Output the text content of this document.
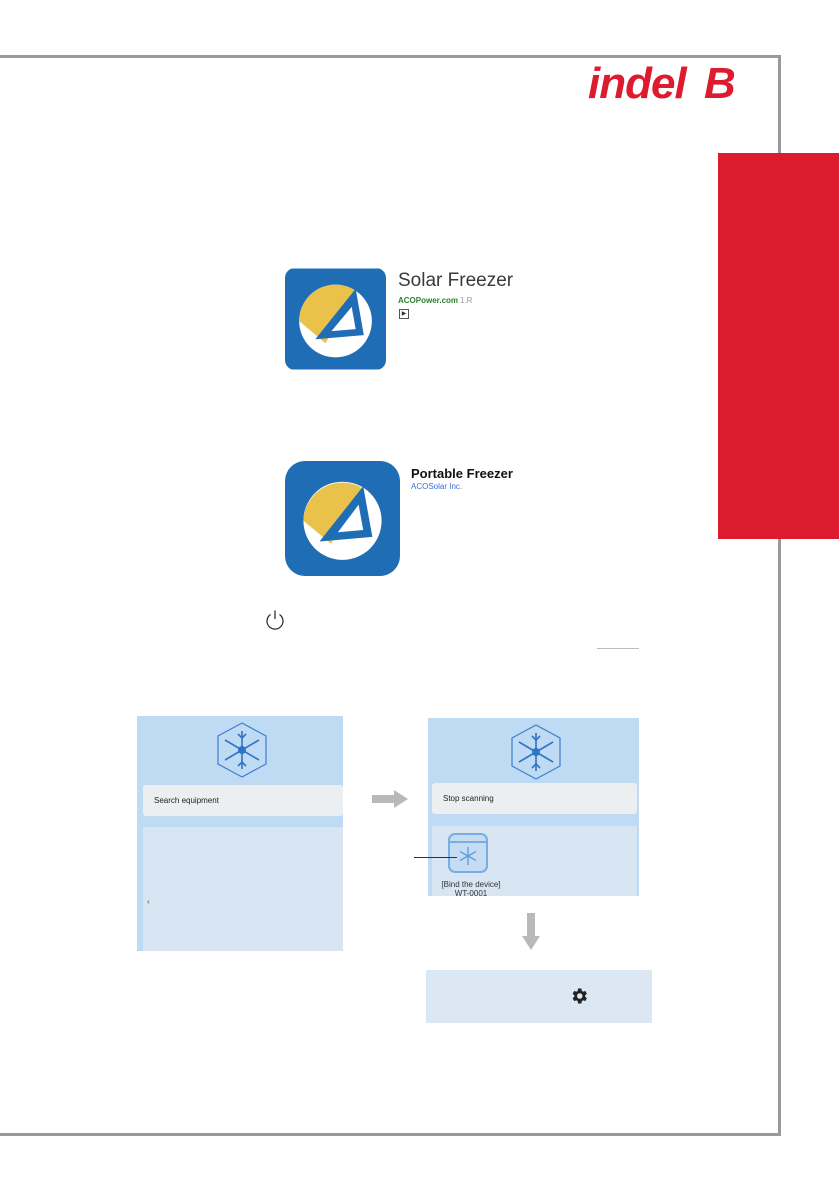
indel B
Solar Freezer
ACOPower.com 1.R
▶
Portable Freezer
ACOSolar Inc.
Search equipment
‹
Stop scanning
[Bind the device]
WT-0001
